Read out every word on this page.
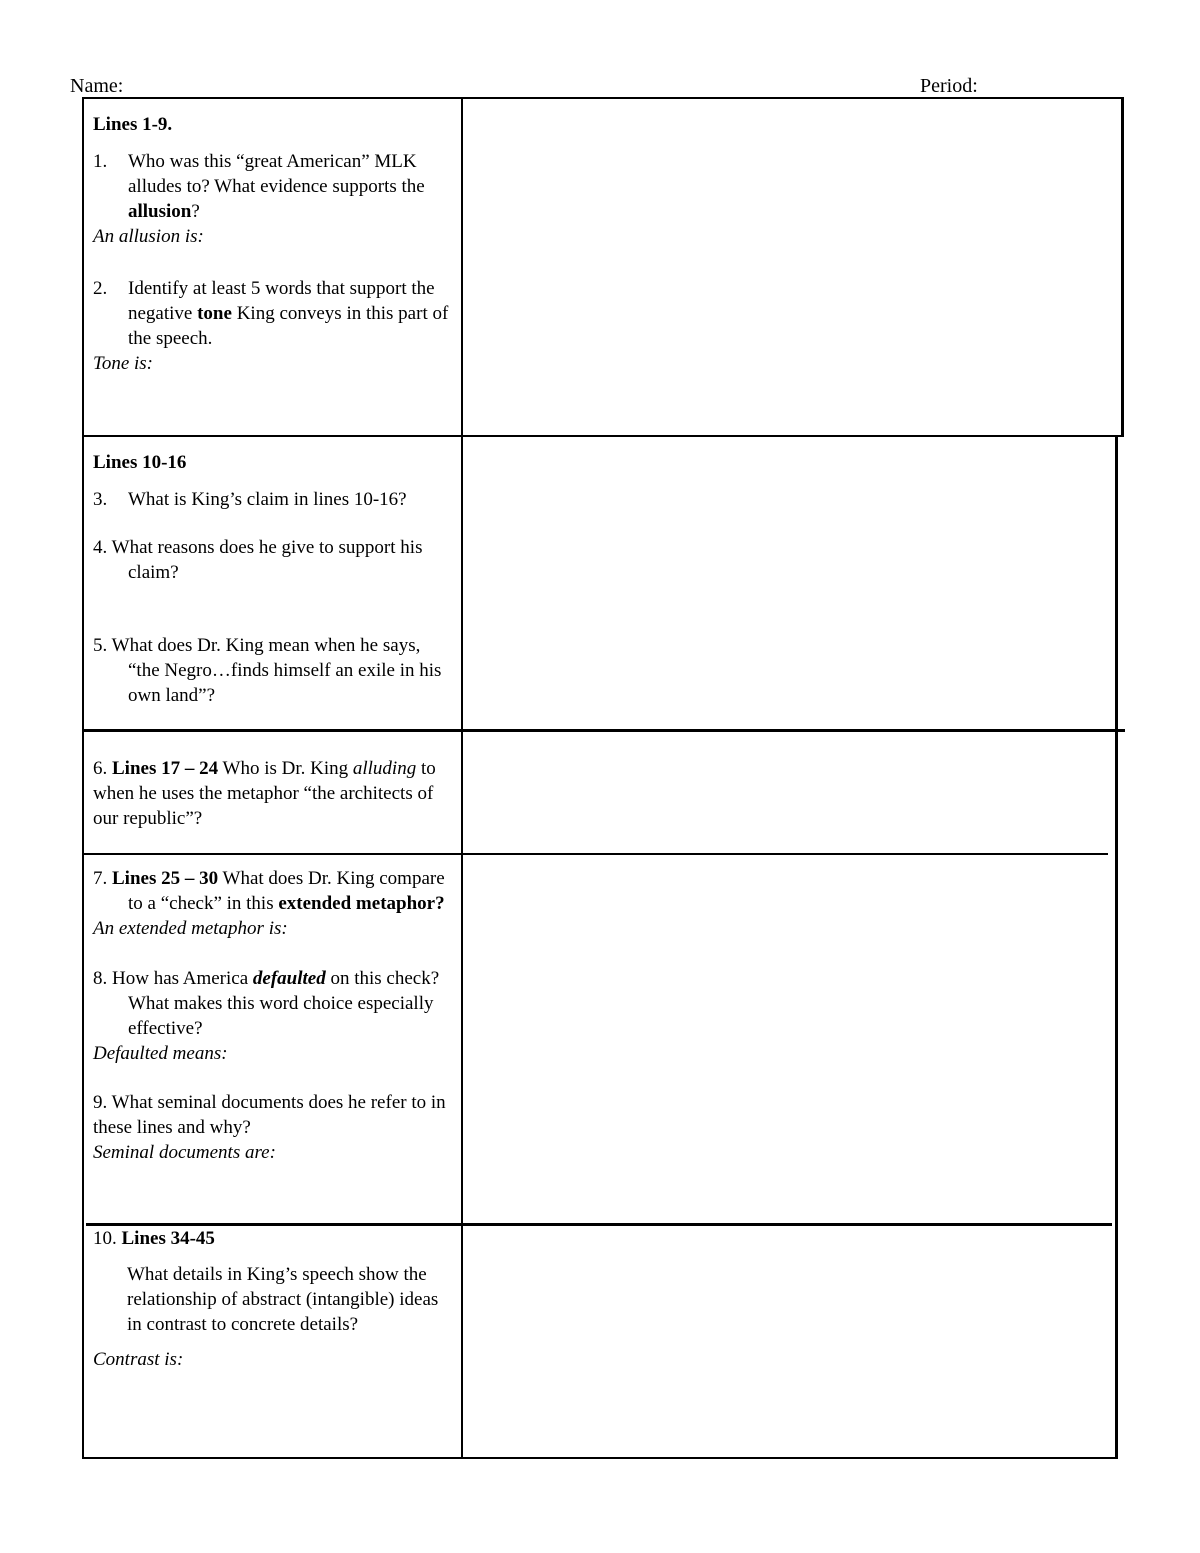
Name:	Period:
Lines 1-9.
1. Who was this “great American” MLK alludes to? What evidence supports the allusion?
An allusion is:
2. Identify at least 5 words that support the negative tone King conveys in this part of the speech.
Tone is:
Lines 10-16
3. What is King’s claim in lines 10-16?
4. What reasons does he give to support his claim?
5. What does Dr. King mean when he says, “the Negro…finds himself an exile in his own land”?
6. Lines 17 – 24 Who is Dr. King alluding to when he uses the metaphor “the architects of our republic”?
7. Lines 25 – 30 What does Dr. King compare to a “check” in this extended metaphor?
An extended metaphor is:
8. How has America defaulted on this check? What makes this word choice especially effective?
Defaulted means:
9. What seminal documents does he refer to in these lines and why?
Seminal documents are:
10. Lines 34-45
What details in King’s speech show the relationship of abstract (intangible) ideas in contrast to concrete details?
Contrast is:
